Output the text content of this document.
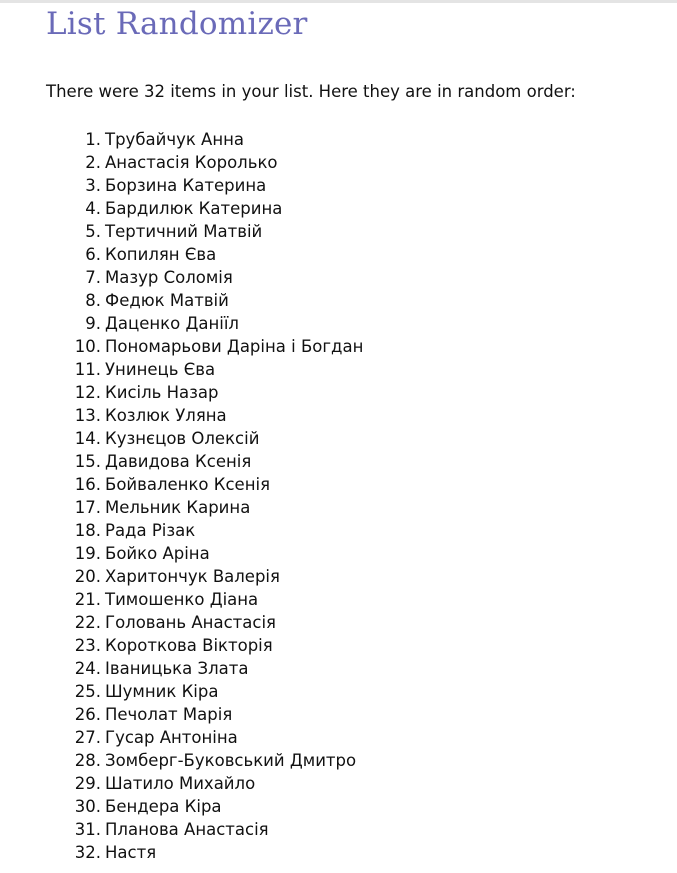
List Randomizer

There were 32 items in your list. Here they are in random order:

1. Трубайчук Анна
2. Анастасія Королько
3. Борзина Катерина
4. Бардилюк Катерина
5. Тертичний Матвій
6. Копилян Єва
7. Мазур Соломія
8. Федюк Матвій
9. Даценко Даніїл
10. Пономарьови Даріна і Богдан
11. Унинець Єва
12. Кисіль Назар
13. Козлюк Уляна
14. Кузнєцов Олексій
15. Давидова Ксенія
16. Бойваленко Ксенія
17. Мельник Карина
18. Рада Різак
19. Бойко Аріна
20. Харитончук Валерія
21. Тимошенко Діана
22. Головань Анастасія
23. Короткова Вікторія
24. Іваницька Злата
25. Шумник Кіра
26. Печолат Марія
27. Гусар Антоніна
28. Зомберг-Буковський Дмитро
29. Шатило Михайло
30. Бендера Кіра
31. Планова Анастасія
32. Настя
